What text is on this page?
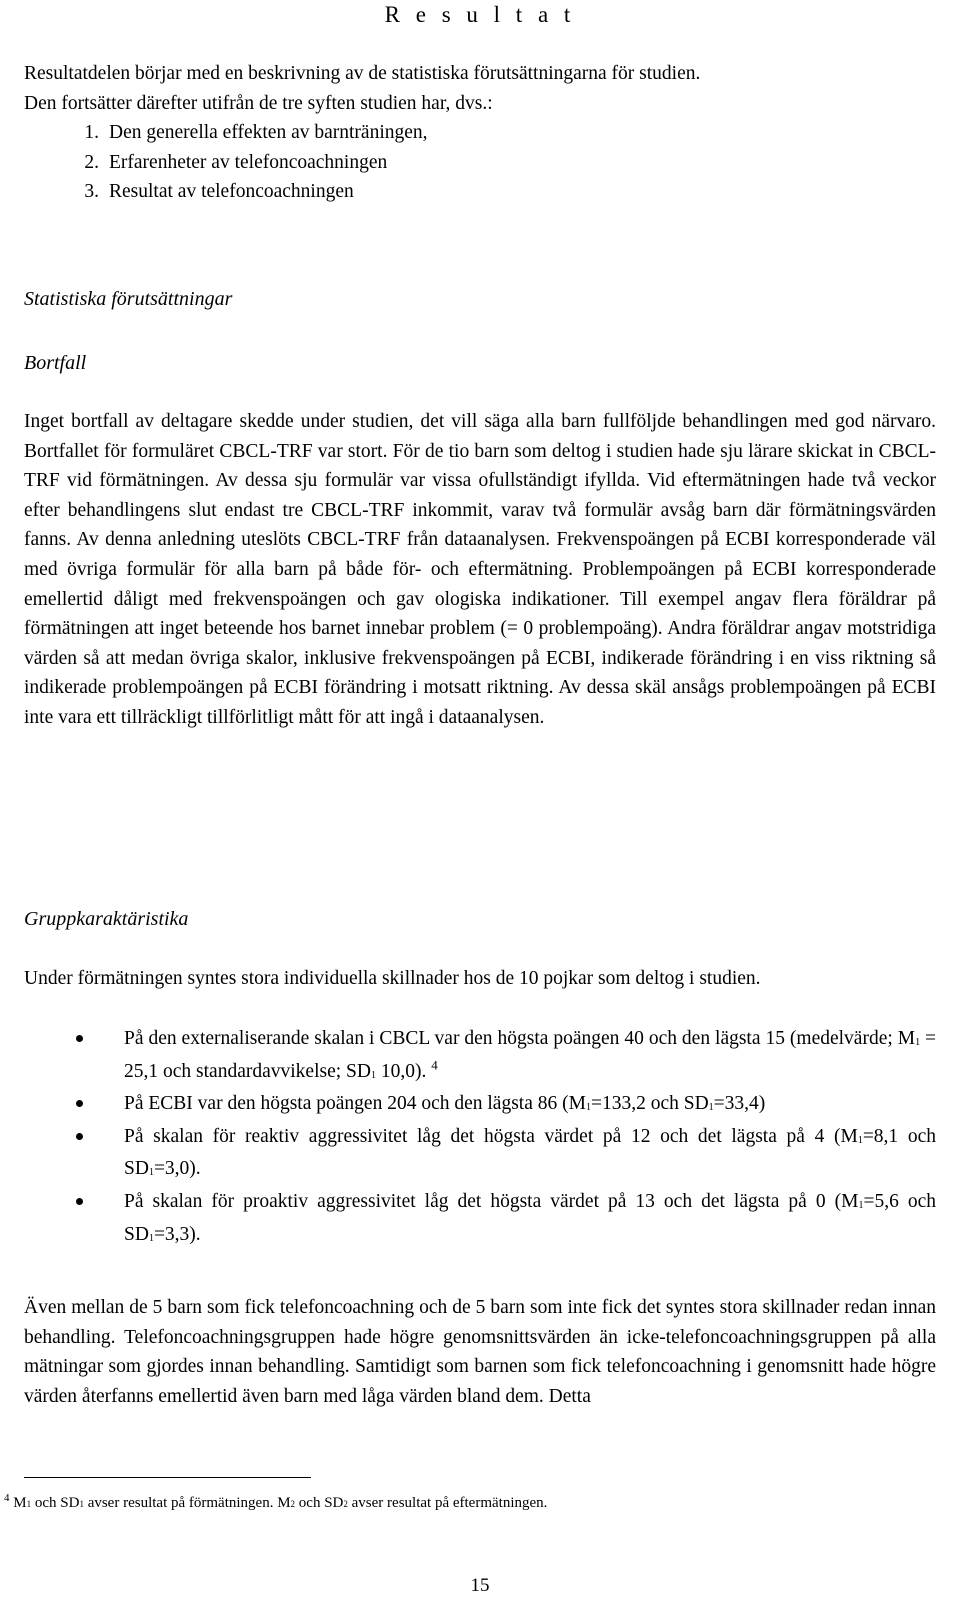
R e s u l t a t
Resultatdelen börjar med en beskrivning av de statistiska förutsättningarna för studien.
Den fortsätter därefter utifrån de tre syften studien har, dvs.:
1. Den generella effekten av barnträningen,
2. Erfarenheter av telefoncoachningen
3. Resultat av telefoncoachningen
Statistiska förutsättningar
Bortfall
Inget bortfall av deltagare skedde under studien, det vill säga alla barn fullföljde behandlingen med god närvaro. Bortfallet för formuläret CBCL-TRF var stort. För de tio barn som deltog i studien hade sju lärare skickat in CBCL-TRF vid förmätningen. Av dessa sju formulär var vissa ofullständigt ifyllda. Vid eftermätningen hade två veckor efter behandlingens slut endast tre CBCL-TRF inkommit, varav två formulär avsåg barn där förmätningsvärden fanns. Av denna anledning uteslöts CBCL-TRF från dataanalysen. Frekvenspoängen på ECBI korresponderade väl med övriga formulär för alla barn på både för- och eftermätning. Problempoängen på ECBI korresponderade emellertid dåligt med frekvenspoängen och gav ologiska indikationer. Till exempel angav flera föräldrar på förmätningen att inget beteende hos barnet innebar problem (= 0 problempoäng). Andra föräldrar angav motstridiga värden så att medan övriga skalor, inklusive frekvenspoängen på ECBI, indikerade förändring i en viss riktning så indikerade problempoängen på ECBI förändring i motsatt riktning. Av dessa skäl ansågs problempoängen på ECBI inte vara ett tillräckligt tillförlitligt mått för att ingå i dataanalysen.
Gruppkaraktäristika
Under förmätningen syntes stora individuella skillnader hos de 10 pojkar som deltog i studien.
På den externaliserande skalan i CBCL var den högsta poängen 40 och den lägsta 15 (medelvärde; $M_1 = 25,1$ och standardavvikelse; $SD_1$ 10,0). $^4$
På ECBI var den högsta poängen 204 och den lägsta 86 ($M_1=133,2$ och $SD_1=33,4$)
På skalan för reaktiv aggressivitet låg det högsta värdet på 12 och det lägsta på 4 ($M_1=8,1$ och $SD_1=3,0$).
På skalan för proaktiv aggressivitet låg det högsta värdet på 13 och det lägsta på 0 ($M_1=5,6$ och $SD_1=3,3$).
Även mellan de 5 barn som fick telefoncoachning och de 5 barn som inte fick det syntes stora skillnader redan innan behandling. Telefoncoachningsgruppen hade högre genomsnittsvärden än icke-telefoncoachningsgruppen på alla mätningar som gjordes innan behandling. Samtidigt som barnen som fick telefoncoachning i genomsnitt hade högre värden återfanns emellertid även barn med låga värden bland dem. Detta
$^4$ M1 och SD1 avser resultat på förmätningen. M2 och SD2 avser resultat på eftermätningen.
15
